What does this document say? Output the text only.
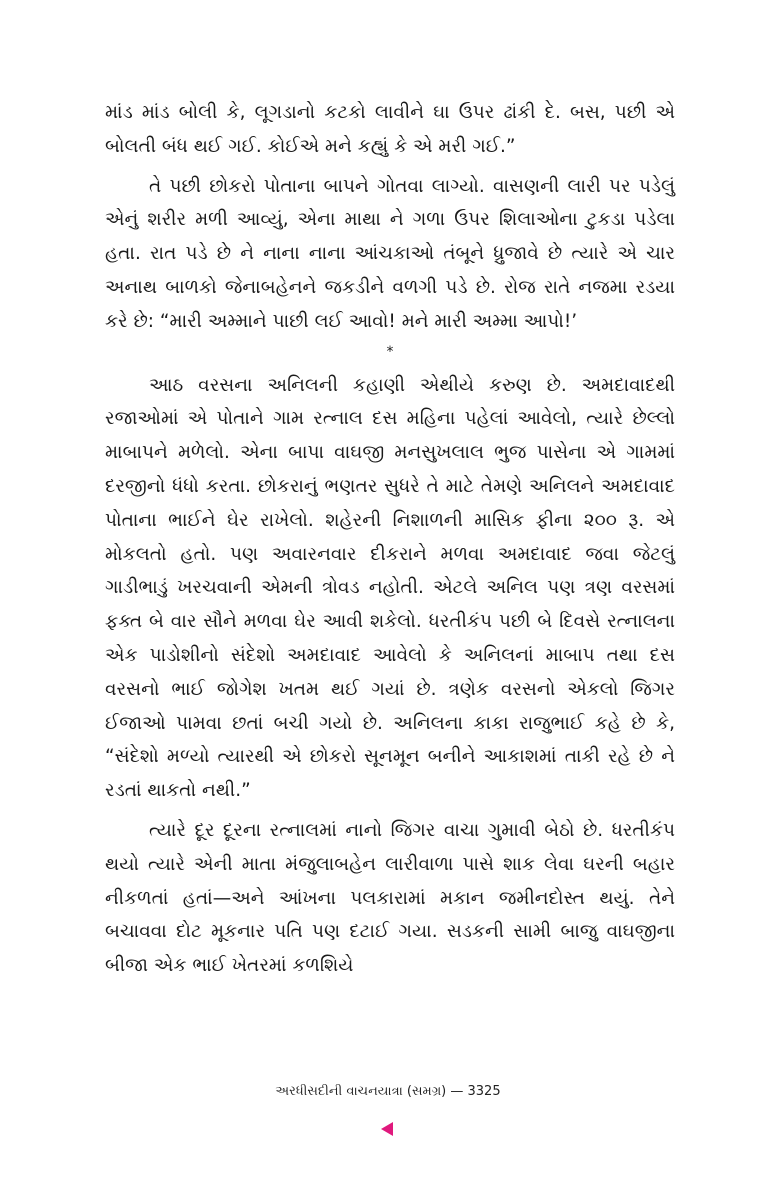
માંડ માંડ બોલી કે, લૂગડાનો કટકો લાવીને ઘા ઉપર ઢાંકી દે. બસ, પછી એ બોલતી બંધ થઈ ગઈ. કોઈએ મને કહ્યું કે એ મરી ગઈ.”

તે પછી છોકરો પોતાના બાપને ગોતવા લાગ્યો. વાસણની લારી પર પડેલું એનું શરીર મળી આવ્યું, એના માથા ને ગળા ઉપર શિલાઓના ટુકડા પડેલા હતા. રાત પડે છે ને નાના નાના આંચકાઓ તંબૂને ધ્રુજાવે છે ત્યારે એ ચાર અનાથ બાળકો જેનાબહેનને જકડીને વળગી પડે છે. રોજ રાતે નજમા રડયા કરે છે: “મારી અમ્માને પાછી લઈ આવો! મને મારી અમ્મા આપો!’

*

આઠ વરસના અનિલની કહાણી એથીયે કરુણ છે. અમદાવાદથી રજાઓમાં એ પોતાને ગામ રત્નાલ દસ મહિના પહેલાં આવેલો, ત્યારે છેલ્લો માબાપને મળેલો. એના બાપા વાઘજી મનસુખલાલ ભુજ પાસેના એ ગામમાં દરજીનો ધંધો કરતા. છોકરાનું ભણતર સુધરે તે માટે તેમણે અનિલને અમદાવાદ પોતાના ભાઈને ઘેર રાખેલો. શહેરની નિશાળની માસિક ફીના ૨૦૦ રૂ. એ મોકલતો હતો. પણ અવારનવાર દીકરાને મળવા અમદાવાદ જવા જેટલું ગાડીભાડું ખરચવાની એમની ત્રોવડ નહોતી. એટલે અનિલ પણ ત્રણ વરસમાં ફક્ત બે વાર સૌને મળવા ઘેર આવી શકેલો. ધરતીકંપ પછી બે દિવસે રત્નાલના એક પાડોશીનો સંદેશો અમદાવાદ આવેલો કે અનિલનાં માબાપ તથા દસ વરસનો ભાઈ જોગેશ ખતમ થઈ ગયાં છે. ત્રણેક વરસનો એકલો જિગર ઈજાઓ પામવા છતાં બચી ગયો છે. અનિલના કાકા રાજુભાઈ કહે છે કે, “સંદેશો મળ્યો ત્યારથી એ છોકરો સૂનમૂન બનીને આકાશમાં તાકી રહે છે ને રડતાં થાકતો નથી.”

ત્યારે દૂર દૂરના રત્નાલમાં નાનો જિગર વાચા ગુમાવી બેઠો છે. ધરતીકંપ થયો ત્યારે એની માતા મંજુલાબહેન લારીવાળા પાસે શાક લેવા ઘરની બહાર નીકળતાં હતાં—અને આંખના પલકારામાં મકાન જમીનદોસ્ત થયું. તેને બચાવવા દોટ મૂકનાર પતિ પણ દટાઈ ગયા. સડકની સામી બાજુ વાઘજીના બીજા એક ભાઈ ખેતરમાં કળશિયે

અરધીસદીની વાચનયાત્રા (સમગ્ર) — 3325
